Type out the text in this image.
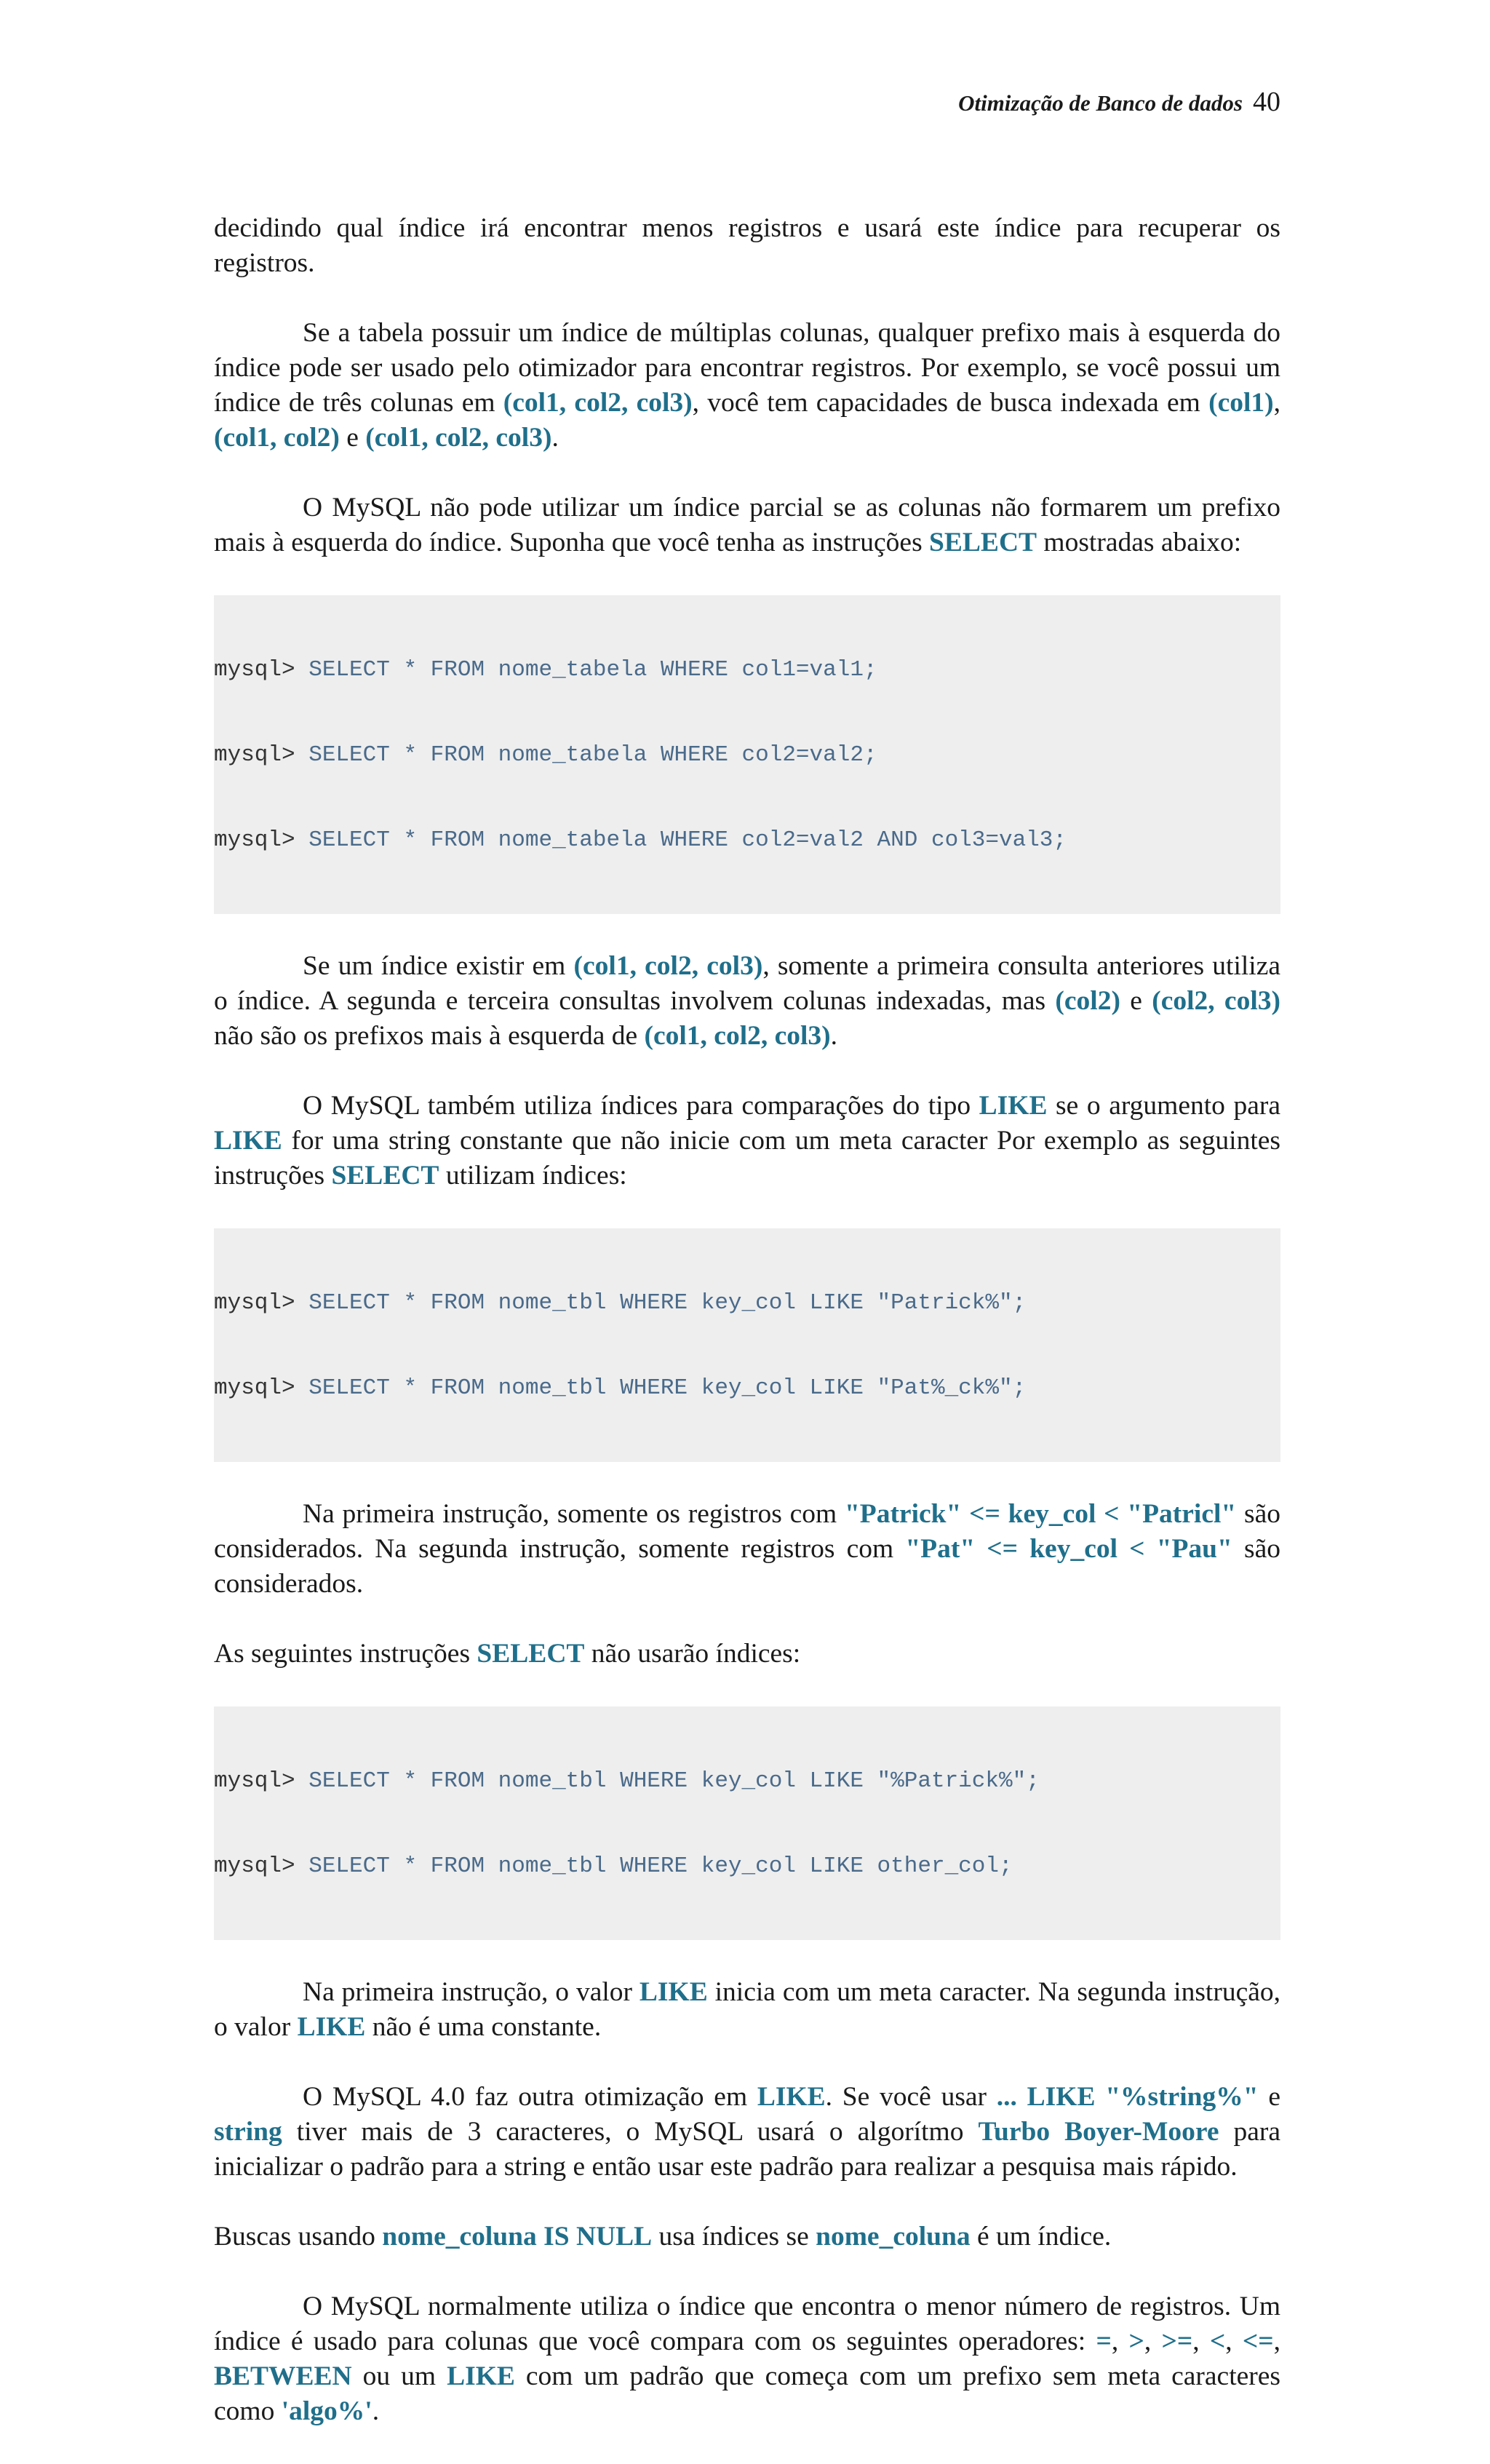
Otimização de Banco de dados 40

decidindo qual índice irá encontrar menos registros e usará este índice para recuperar os registros.

Se a tabela possuir um índice de múltiplas colunas, qualquer prefixo mais à esquerda do índice pode ser usado pelo otimizador para encontrar registros. Por exemplo, se você possui um índice de três colunas em (col1, col2, col3), você tem capacidades de busca indexada em (col1), (col1, col2) e (col1, col2, col3).

O MySQL não pode utilizar um índice parcial se as colunas não formarem um prefixo mais à esquerda do índice. Suponha que você tenha as instruções SELECT mostradas abaixo:

mysql> SELECT * FROM nome_tabela WHERE col1=val1;

mysql> SELECT * FROM nome_tabela WHERE col2=val2;

mysql> SELECT * FROM nome_tabela WHERE col2=val2 AND col3=val3;

Se um índice existir em (col1, col2, col3), somente a primeira consulta anteriores utiliza o índice. A segunda e terceira consultas involvem colunas indexadas, mas (col2) e (col2, col3) não são os prefixos mais à esquerda de (col1, col2, col3).

O MySQL também utiliza índices para comparações do tipo LIKE se o argumento para LIKE for uma string constante que não inicie com um meta caracter Por exemplo as seguintes instruções SELECT utilizam índices:

mysql> SELECT * FROM nome_tbl WHERE key_col LIKE "Patrick%";

mysql> SELECT * FROM nome_tbl WHERE key_col LIKE "Pat%_ck%";

Na primeira instrução, somente os registros com "Patrick" <= key_col < "Patricl" são considerados. Na segunda instrução, somente registros com "Pat" <= key_col < "Pau" são considerados.

As seguintes instruções SELECT não usarão índices:

mysql> SELECT * FROM nome_tbl WHERE key_col LIKE "%Patrick%";

mysql> SELECT * FROM nome_tbl WHERE key_col LIKE other_col;

Na primeira instrução, o valor LIKE inicia com um meta caracter. Na segunda instrução, o valor LIKE não é uma constante.

O MySQL 4.0 faz outra otimização em LIKE. Se você usar ... LIKE "%string%" e string tiver mais de 3 caracteres, o MySQL usará o algorítmo Turbo Boyer-Moore para inicializar o padrão para a string e então usar este padrão para realizar a pesquisa mais rápido.

Buscas usando nome_coluna IS NULL usa índices se nome_coluna é um índice.

O MySQL normalmente utiliza o índice que encontra o menor número de registros. Um índice é usado para colunas que você compara com os seguintes operadores: =, >, >=, <, <=, BETWEEN ou um LIKE com um padrão que começa com um prefixo sem meta caracteres como 'algo%'.
